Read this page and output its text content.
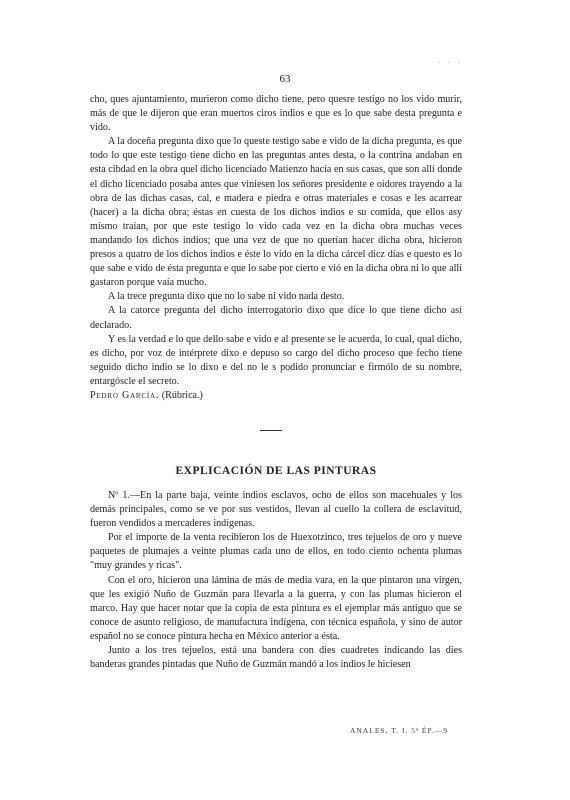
. . .
63

cho, ques ajuntamiento, murieron como dicho tiene, pero quesre testigo no los vido murir, más de que le dijeron que eran muertos ciros indios e que es lo que sabe desta pregunta e vido.

A la doceña pregunta dixo que lo queste testigo sabe e vido de la dicha pregunta, es que todo lo que este testigo tiene dicho en las preguntas antes desta, o la contrina andaban en esta cibdad en la obra quel dicho licenciado Matienzo hacía en sus casas, que son allí donde el dicho licenciado posaba antes que viniesen los señores presidente e oidores trayendo a la obra de las dichas casas, cal, e madera e piedra e otras materiales e cosas e les acarrear (hacer) a la dicha obra; éstas en cuesta de los dichos indios e su comida, que ellos asy mismo traían, por que este testigo lo vido cada vez en la dicha obra muchas veces mandando los dichos indios; que una vez de que no querían hacer dicha obra, hicieron presos a quatro de los dichos indios e éste lo vido en la dicha cárcel dicz días e questo es lo que sabe e vido de ésta pregunta e que lo sabe por cierto e vió en la dicha obra ni lo que allí gastaron porque vaía mucho.

A la trece pregunta dixo que no lo sabe ni vido nada desto.

A la catorce pregunta del dicho interrogatorio dixo que dice lo que tiene dicho así declarado.

Y es la verdad e lo que dello sabe e vido e al presente se le acuerda, lo cual, qual dicho, es dicho, por voz de intérprete dixo e depuso so cargo del dicho proceso que fecho tiene seguido dicho indio se lo dixo e del no le s podido pronunciar e firmólo de su nombre, entargóscle el secreto.

Pedro García. (Rúbrica.)

EXPLICACIÓN DE LAS PINTURAS

Nº 1.—En la parte baja, veinte indios esclavos, ocho de ellos son macehuales y los demás principales, como se ve por sus vestidos, llevan al cuello la collera de esclavitud, fueron vendidos a mercaderes indígenas.

Por el importe de la venta recibieron los de Huexotzinco, tres tejuelos de oro y nueve paquetes de plumajes a veinte plumas cada uno de ellos, en todo ciento ochenta plumas "muy grandes y ricas".

Con el oro, hicieron una lámina de más de media vara, en la que pintaron una virgen, que les exigió Nuño de Guzmán para llevarla a la guerra, y con las plumas hicieron el marco. Hay que hacer notar que la copia de esta pintura es el ejemplar más antiguo que se conoce de asunto religioso, de manufactura indígena, con técnica española, y sino de autor español no se conoce pintura hecha en México anterior a ésta.

Junto a los tres tejuelos, está una bandera con dies cuadretes indicando las dies banderas grandes pintadas que Nuño de Guzmán mandó a los indios le hiciesen

ANALES, T. I. 5ª ÉP.—9
